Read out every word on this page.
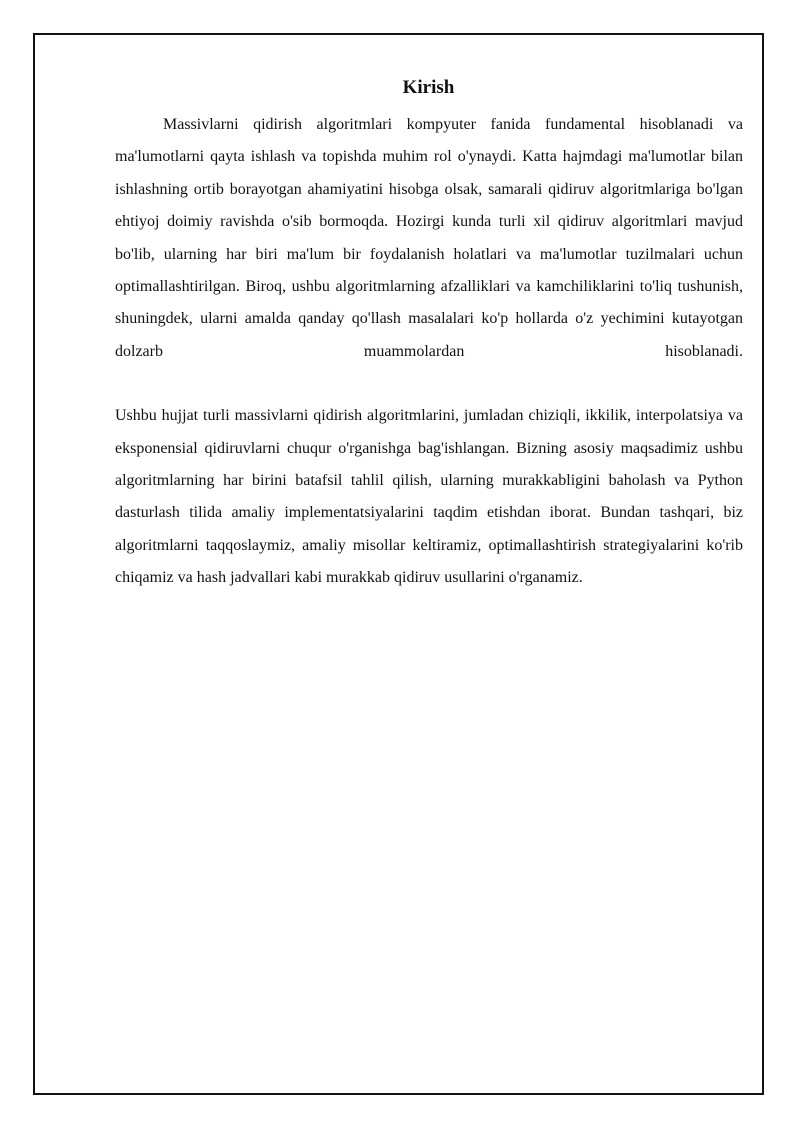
Kirish

Massivlarni qidirish algoritmlari kompyuter fanida fundamental hisoblanadi va ma'lumotlarni qayta ishlash va topishda muhim rol o'ynaydi. Katta hajmdagi ma'lumotlar bilan ishlashning ortib borayotgan ahamiyatini hisobga olsak, samarali qidiruv algoritmlariga bo'lgan ehtiyoj doimiy ravishda o'sib bormoqda. Hozirgi kunda turli xil qidiruv algoritmlari mavjud bo'lib, ularning har biri ma'lum bir foydalanish holatlari va ma'lumotlar tuzilmalari uchun optimallashtirilgan. Biroq, ushbu algoritmlarning afzalliklari va kamchiliklarini to'liq tushunish, shuningdek, ularni amalda qanday qo'llash masalalari ko'p hollarda o'z yechimini kutayotgan dolzarb muammolardan hisoblanadi.

Ushbu hujjat turli massivlarni qidirish algoritmlarini, jumladan chiziqli, ikkilik, interpolatsiya va eksponensial qidiruvlarni chuqur o'rganishga bag'ishlangan. Bizning asosiy maqsadimiz ushbu algoritmlarning har birini batafsil tahlil qilish, ularning murakkabligini baholash va Python dasturlash tilida amaliy implementatsiyalarini taqdim etishdan iborat. Bundan tashqari, biz algoritmlarni taqqoslaymiz, amaliy misollar keltiramiz, optimallashtirish strategiyalarini ko'rib chiqamiz va hash jadvallari kabi murakkab qidiruv usullarini o'rganamiz.
